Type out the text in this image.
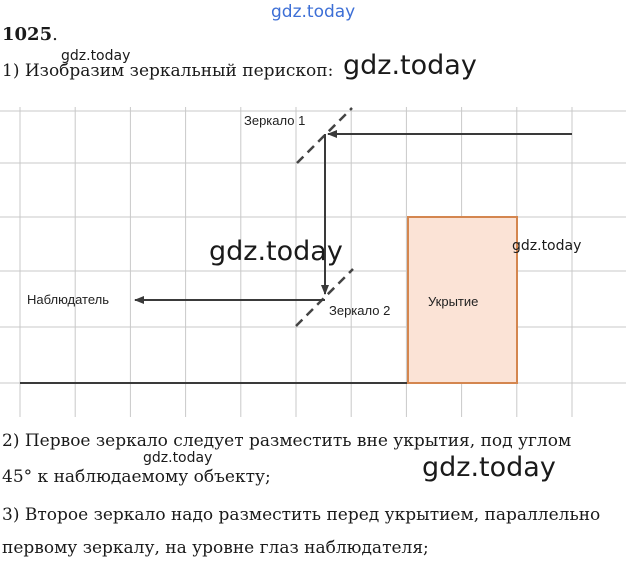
gdz.today
1025.
gdz.today
1) Изобразим зеркальный перископ: gdz.today
Зеркало 1
Зеркало 2
Наблюдатель	Укрытие
gdz.today	gdz.today
2) Первое зеркало следует разместить вне укрытия, под углом
gdz.today
45° к наблюдаемому объекту;	gdz.today
3) Второе зеркало надо разместить перед укрытием, параллельно
первому зеркалу, на уровне глаз наблюдателя;
